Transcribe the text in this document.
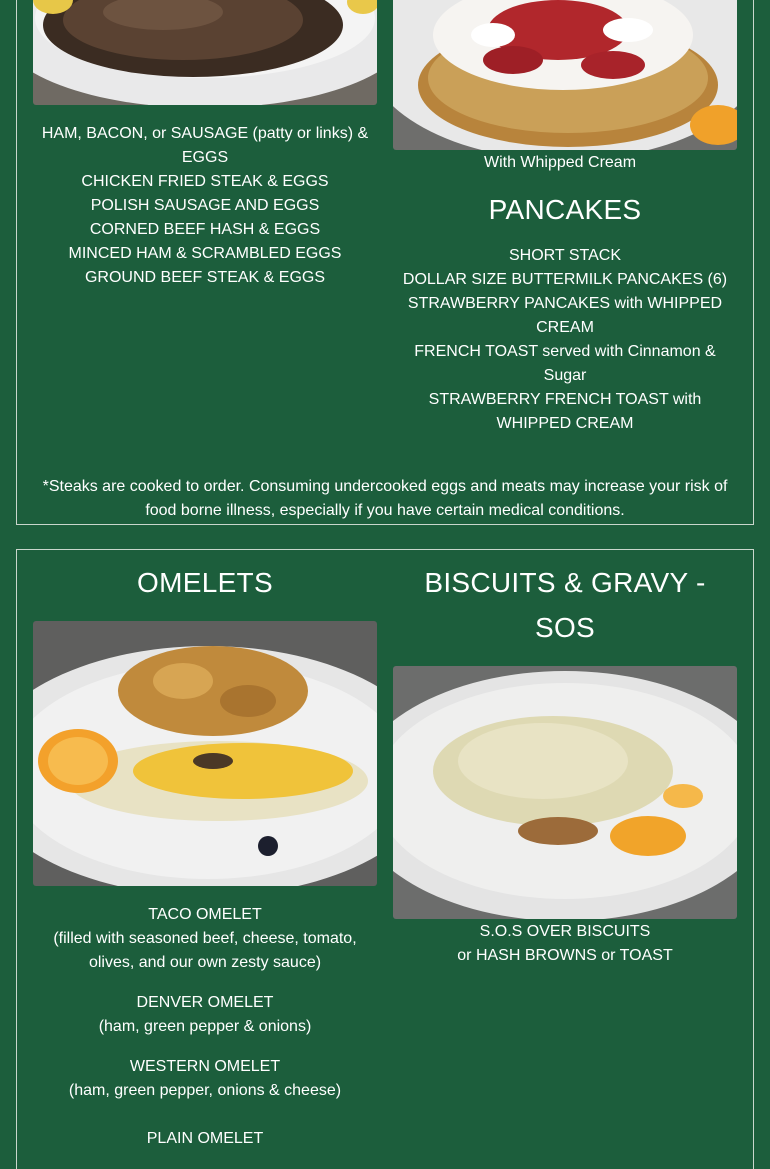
HAM, BACON, or SAUSAGE (patty or links) & EGGS

CHICKEN FRIED STEAK & EGGS

POLISH SAUSAGE AND EGGS

CORNED BEEF HASH & EGGS

MINCED HAM & SCRAMBLED EGGS

GROUND BEEF STEAK & EGGS

With Whipped Cream

PANCAKES

SHORT STACK

DOLLAR SIZE BUTTERMILK PANCAKES (6)

STRAWBERRY PANCAKES with WHIPPED CREAM

FRENCH TOAST served with Cinnamon & Sugar

STRAWBERRY FRENCH TOAST with WHIPPED CREAM

*Steaks are cooked to order. Consuming undercooked eggs and meats may increase your risk of food borne illness, especially if you have certain medical conditions.
OMELETS

TACO OMELET

(filled with seasoned beef, cheese, tomato, olives, and our own zesty sauce)

DENVER OMELET

(ham, green pepper & onions)

WESTERN OMELET

(ham, green pepper, onions & cheese)

PLAIN OMELET

BISCUITS & GRAVY - SOS

S.O.S OVER BISCUITS

or HASH BROWNS or TOAST
